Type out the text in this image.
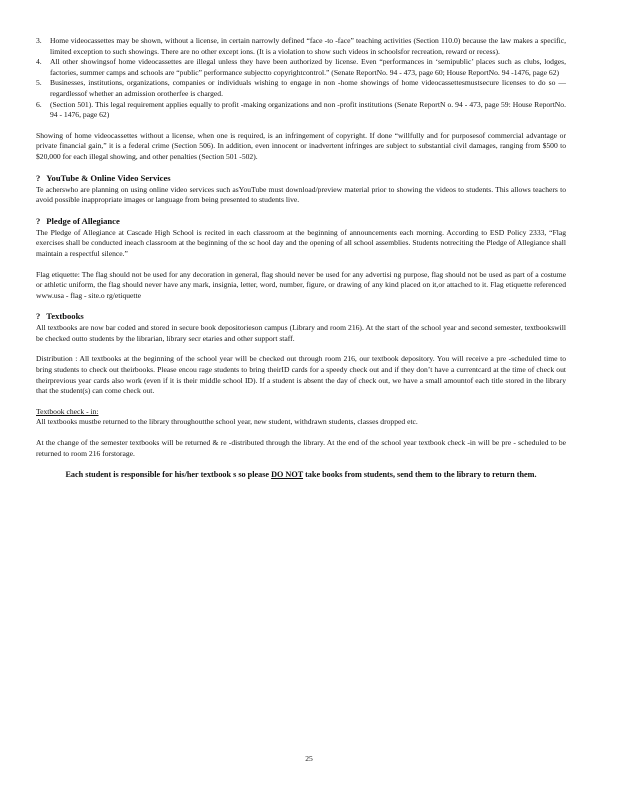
3. Home videocassettes may be shown, without a license, in certain narrowly defined “face -to -face” teaching activities (Section 110.0) because the law makes a specific, limited exception to such showings. There are no other except ions. (It is a violation to show such videos in schoolsfor recreation, reward or recess).
4. All other showingsof home videocassettes are illegal unless they have been authorized by license. Even “performances in ‘semipublic’ places such as clubs, lodges, factories, summer camps and schools are “public” performance subjectto copyrightcontrol.” (Senate ReportNo. 94 - 473, page 60; House ReportNo. 94 -1476, page 62)
5. Businesses, institutions, organizations, companies or individuals wishing to engage in non -home showings of home videocassettesmustsecure licenses to do so —regardlessof whether an admission orotherfee is charged.
6. (Section 501). This legal requirement applies equally to profit -making organizations and non -profit institutions (Senate ReportN o. 94 - 473, page 59: House ReportNo. 94 - 1476, page 62)

Showing of home videocassettes without a license, when one is required, is an infringement of copyright. If done “willfully and for purposesof commercial advantage or private financial gain,” it is a federal crime (Section 506). In addition, even innocent or inadvertent infringes are subject to substantial civil damages, ranging from $500 to $20,000 for each illegal showing, and other penalties (Section 501 -502).

? YouTube & Online Video Services

Te acherswho are planning on using online video services such asYouTube must download/preview material prior to showing the videos to students. This allows teachers to avoid possible inappropriate images or language from being presented to students live.

? Pledge of Allegiance

The Pledge of Allegiance at Cascade High School is recited in each classroom at the beginning of announcements each morning. According to ESD Policy 2333, “Flag exercises shall be conducted ineach classroom at the beginning of the sc hool day and the opening of all school assemblies. Students notreciting the Pledge of Allegiance shall maintain a respectful silence.”

Flag etiquette: The flag should not be used for any decoration in general, flag should never be used for any advertisi ng purpose, flag should not be used as part of a costume or athletic uniform, the flag should never have any mark, insignia, letter, word, number, figure, or drawing of any kind placed on it,or attached to it. Flag etiquette referenced www.usa - flag - site.o rg/etiquette

? Textbooks

All textbooks are now bar coded and stored in secure book depositorieson campus (Library and room 216). At the start of the school year and second semester, textbookswill be checked outto students by the librarian, library secr etaries and other support staff.

Distribution : All textbooks at the beginning of the school year will be checked out through room 216, our textbook depository. You will receive a pre -scheduled time to bring students to check out theirbooks. Please encou rage students to bring theirID cards for a speedy check out and if they don’t have a currentcard at the time of check out theirprevious year cards also work (even if it is their middle school ID). If a student is absent the day of check out, we have a small amountof each title stored in the library that the student(s) can come check out.

Textbook check - in:

All textbooks mustbe returned to the library throughoutthe school year, new student, withdrawn students, classes dropped etc.

At the change of the semester textbooks will be returned & re -distributed through the library. At the end of the school year textbook check -in will be pre - scheduled to be returned to room 216 forstorage.

Each student is responsible for his/her textbook s so please DO NOT take books from students, send them to the library to return them.

25
